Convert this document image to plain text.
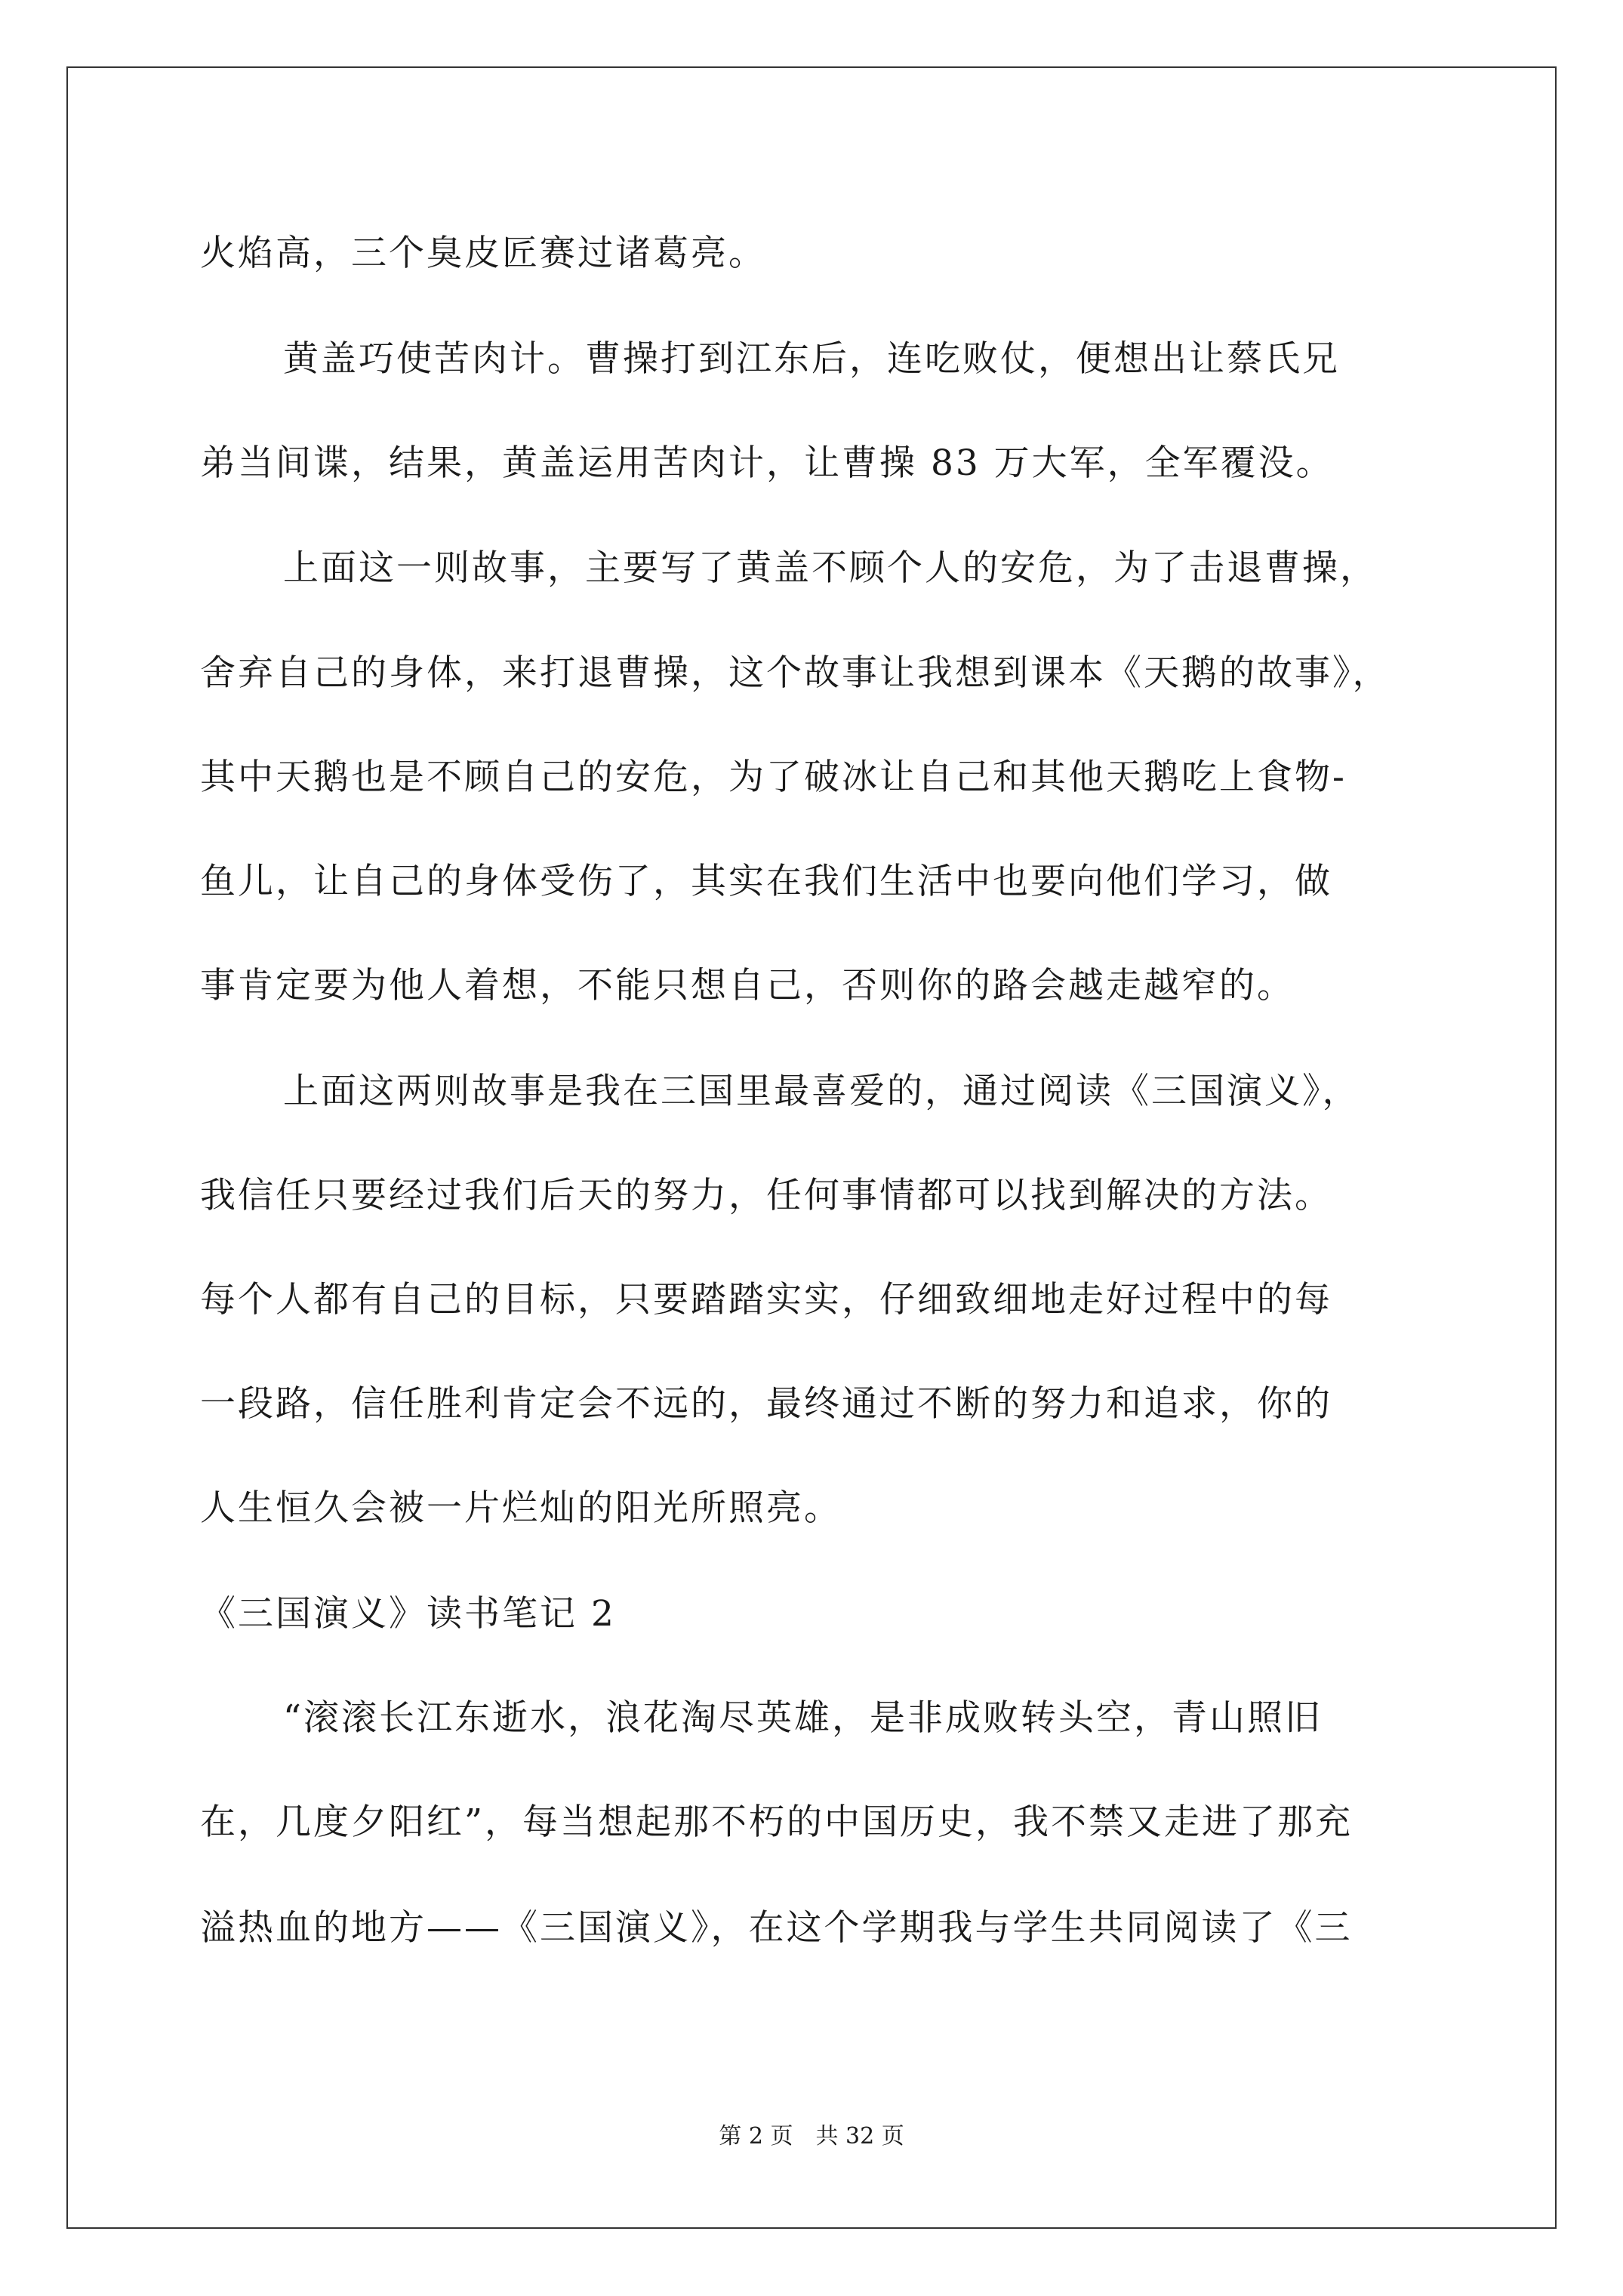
火焰高，三个臭皮匠赛过诸葛亮。
黄盖巧使苦肉计。曹操打到江东后，连吃败仗，便想出让蔡氏兄
弟当间谍，结果，黄盖运用苦肉计，让曹操 83 万大军，全军覆没。
上面这一则故事，主要写了黄盖不顾个人的安危，为了击退曹操，
舍弃自己的身体，来打退曹操，这个故事让我想到课本《天鹅的故事》，
其中天鹅也是不顾自己的安危，为了破冰让自己和其他天鹅吃上食物-
鱼儿，让自己的身体受伤了，其实在我们生活中也要向他们学习，做
事肯定要为他人着想，不能只想自己，否则你的路会越走越窄的。
上面这两则故事是我在三国里最喜爱的，通过阅读《三国演义》，
我信任只要经过我们后天的努力，任何事情都可以找到解决的方法。
每个人都有自己的目标，只要踏踏实实，仔细致细地走好过程中的每
一段路，信任胜利肯定会不远的，最终通过不断的努力和追求，你的
人生恒久会被一片烂灿的阳光所照亮。
《三国演义》读书笔记 2
“滚滚长江东逝水，浪花淘尽英雄，是非成败转头空，青山照旧
在，几度夕阳红”，每当想起那不朽的中国历史，我不禁又走进了那充
溢热血的地方——《三国演义》，在这个学期我与学生共同阅读了《三
第 2 页　共 32 页
